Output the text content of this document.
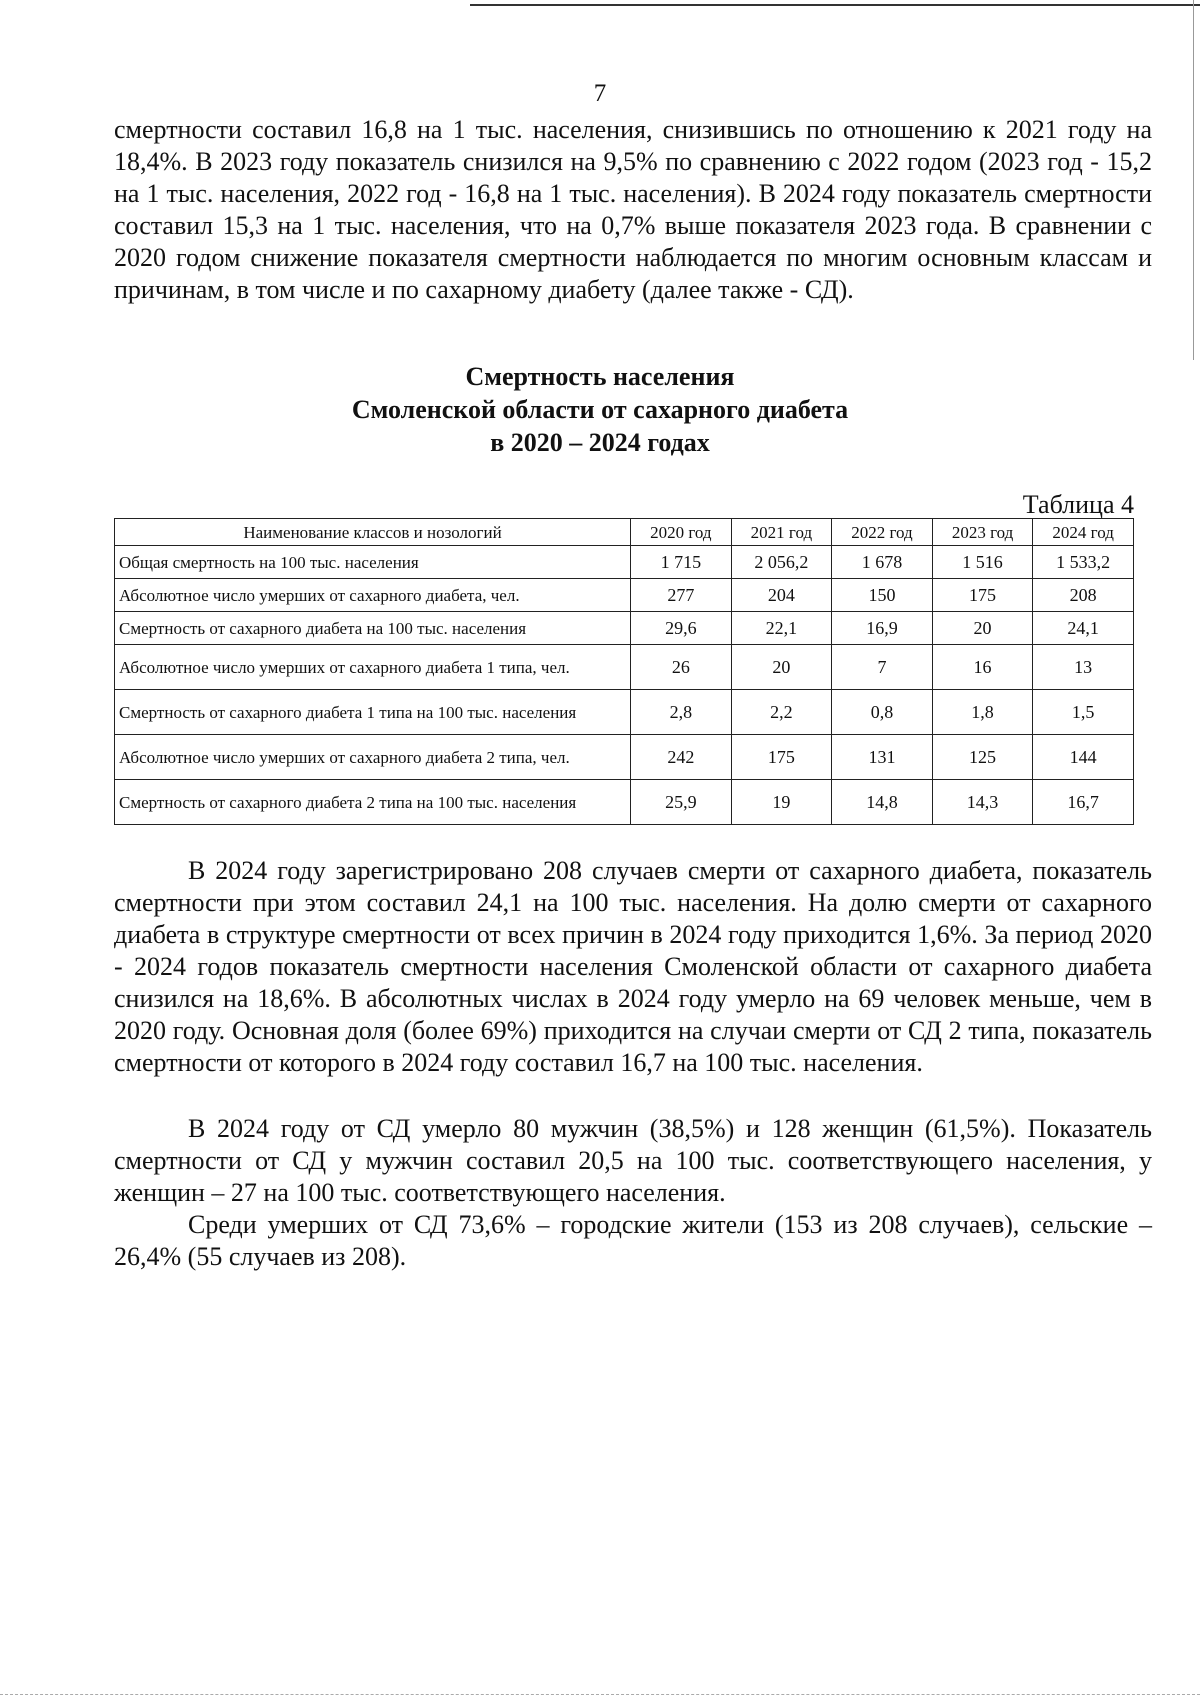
7

смертности составил 16,8 на 1 тыс. населения, снизившись по отношению к 2021 году на 18,4%. В 2023 году показатель снизился на 9,5% по сравнению с 2022 годом (2023 год - 15,2 на 1 тыс. населения, 2022 год - 16,8 на 1 тыс. населения). В 2024 году показатель смертности составил 15,3 на 1 тыс. населения, что на 0,7% выше показателя 2023 года. В сравнении с 2020 годом снижение показателя смертности наблюдается по многим основным классам и причинам, в том числе и по сахарному диабету (далее также - СД).

Смертность населения
Смоленской области от сахарного диабета
в 2020 – 2024 годах
Таблица 4
Наименование классов и нозологий	2020 год	2021 год	2022 год	2023 год	2024 год
Общая смертность на 100 тыс. населения	1 715	2 056,2	1 678	1 516	1 533,2
Абсолютное число умерших от сахарного диабета, чел.	277	204	150	175	208
Смертность от сахарного диабета на 100 тыс. населения	29,6	22,1	16,9	20	24,1
Абсолютное число умерших от сахарного диабета 1 типа, чел.	26	20	7	16	13
Смертность от сахарного диабета 1 типа на 100 тыс. населения	2,8	2,2	0,8	1,8	1,5
Абсолютное число умерших от сахарного диабета 2 типа, чел.	242	175	131	125	144
Смертность от сахарного диабета 2 типа на 100 тыс. населения	25,9	19	14,8	14,3	16,7

В 2024 году зарегистрировано 208 случаев смерти от сахарного диабета, показатель смертности при этом составил 24,1 на 100 тыс. населения. На долю смерти от сахарного диабета в структуре смертности от всех причин в 2024 году приходится 1,6%. За период 2020 - 2024 годов показатель смертности населения Смоленской области от сахарного диабета снизился на 18,6%. В абсолютных числах в 2024 году умерло на 69 человек меньше, чем в 2020 году. Основная доля (более 69%) приходится на случаи смерти от СД 2 типа, показатель смертности от которого в 2024 году составил 16,7 на 100 тыс. населения.

В 2024 году от СД умерло 80 мужчин (38,5%) и 128 женщин (61,5%). Показатель смертности от СД у мужчин составил 20,5 на 100 тыс. соответствующего населения, у женщин – 27 на 100 тыс. соответствующего населения.

Среди умерших от СД 73,6% – городские жители (153 из 208 случаев), сельские – 26,4% (55 случаев из 208).
